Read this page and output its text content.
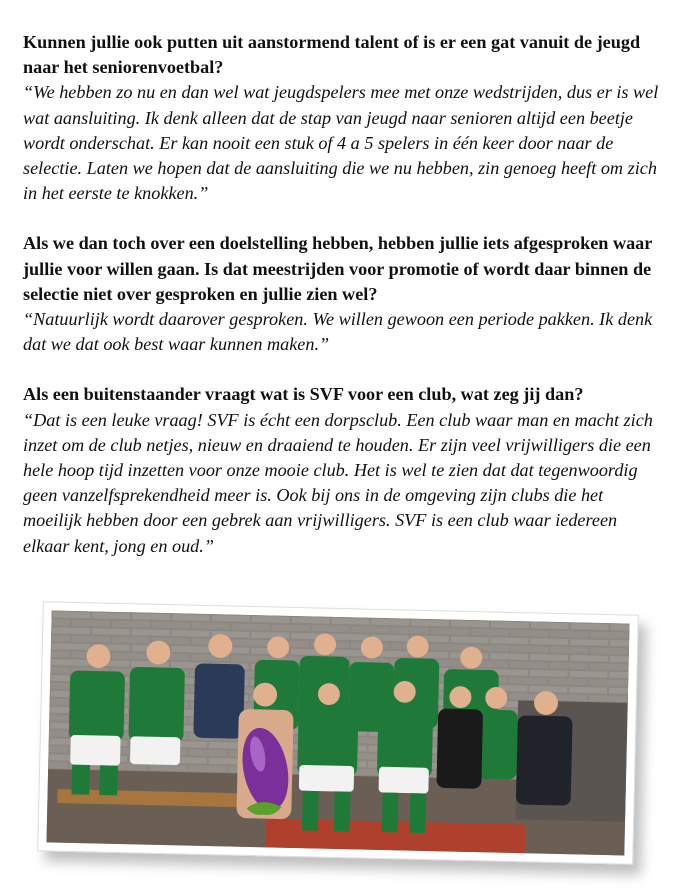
Kunnen jullie ook putten uit aanstormend talent of is er een gat vanuit de jeugd naar het seniorenvoetbal?

“We hebben zo nu en dan wel wat jeugdspelers mee met onze wedstrijden, dus er is wel wat aansluiting. Ik denk alleen dat de stap van jeugd naar senioren altijd een beetje wordt onderschat. Er kan nooit een stuk of 4 a 5 spelers in één keer door naar de selectie. Laten we hopen dat de aansluiting die we nu hebben, zin genoeg heeft om zich in het eerste te knokken.”

Als we dan toch over een doelstelling hebben, hebben jullie iets afgesproken waar jullie voor willen gaan. Is dat meestrijden voor promotie of wordt daar binnen de selectie niet over gesproken en jullie zien wel?

“Natuurlijk wordt daarover gesproken. We willen gewoon een periode pakken. Ik denk dat we dat ook best waar kunnen maken.”

Als een buitenstaander vraagt wat is SVF voor een club, wat zeg jij dan?

“Dat is een leuke vraag! SVF is écht een dorpsclub. Een club waar man en macht zich inzet om de club netjes, nieuw en draaiend te houden. Er zijn veel vrijwilligers die een hele hoop tijd inzetten voor onze mooie club. Het is wel te zien dat dat tegenwoordig geen vanzelfsprekendheid meer is. Ook bij ons in de omgeving zijn clubs die het moeilijk hebben door een gebrek aan vrijwilligers. SVF is een club waar iedereen elkaar kent, jong en oud.”
